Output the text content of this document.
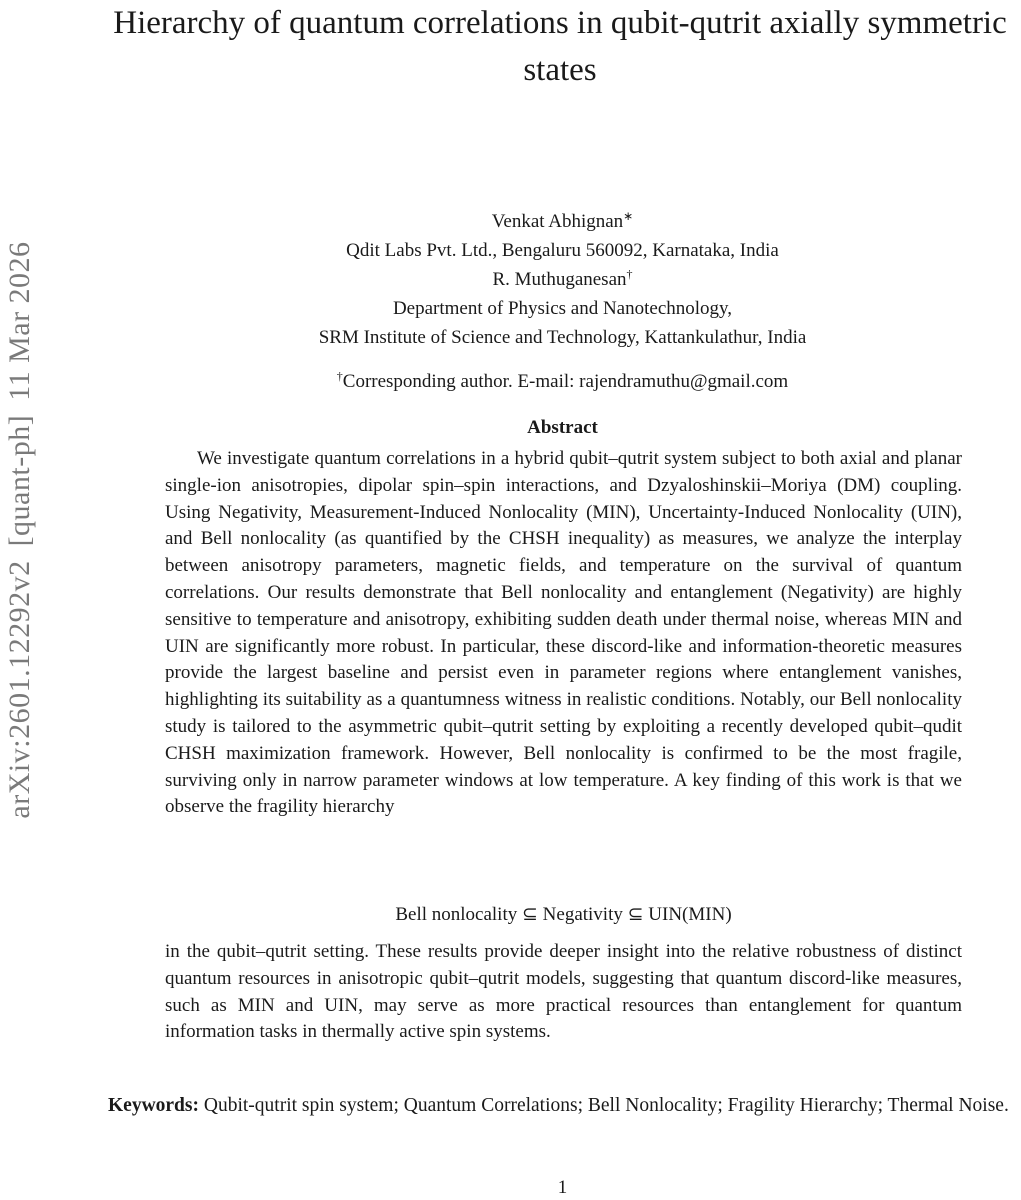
Hierarchy of quantum correlations in qubit-qutrit axially symmetric states
arXiv:2601.12292v2[quant-ph]11 Mar 2026
Venkat Abhignan∗
Qdit Labs Pvt. Ltd., Bengaluru 560092, Karnataka, India
R. Muthuganesan†
Department of Physics and Nanotechnology,
SRM Institute of Science and Technology, Kattankulathur, India
†Corresponding author. E-mail: rajendramuthu@gmail.com
Abstract

We investigate quantum correlations in a hybrid qubit–qutrit system subject to both axial and planar single-ion anisotropies, dipolar spin–spin interactions, and Dzyaloshinskii–Moriya (DM) coupling. Using Negativity, Measurement-Induced Nonlocality (MIN), Uncertainty-Induced Nonlocality (UIN), and Bell nonlocality (as quantified by the CHSH inequality) as measures, we analyze the interplay between anisotropy parameters, magnetic fields, and temperature on the survival of quantum correlations. Our results demonstrate that Bell nonlocality and entanglement (Negativity) are highly sensitive to temperature and anisotropy, exhibiting sudden death under thermal noise, whereas MIN and UIN are significantly more robust. In particular, these discord-like and information-theoretic measures provide the largest baseline and persist even in parameter regions where entanglement vanishes, highlighting its suitability as a quantumness witness in realistic conditions. Notably, our Bell nonlocality study is tailored to the asymmetric qubit–qutrit setting by exploiting a recently developed qubit–qudit CHSH maximization framework. However, Bell nonlocality is confirmed to be the most fragile, surviving only in narrow parameter windows at low temperature. A key finding of this work is that we observe the fragility hierarchy

Bell nonlocality ⊆ Negativity ⊆ UIN(MIN)

in the qubit–qutrit setting. These results provide deeper insight into the relative robustness of distinct quantum resources in anisotropic qubit–qutrit models, suggesting that quantum discord-like measures, such as MIN and UIN, may serve as more practical resources than entanglement for quantum information tasks in thermally active spin systems.

Keywords: Qubit-qutrit spin system; Quantum Correlations; Bell Nonlocality; Fragility Hierarchy; Thermal Noise.

1
